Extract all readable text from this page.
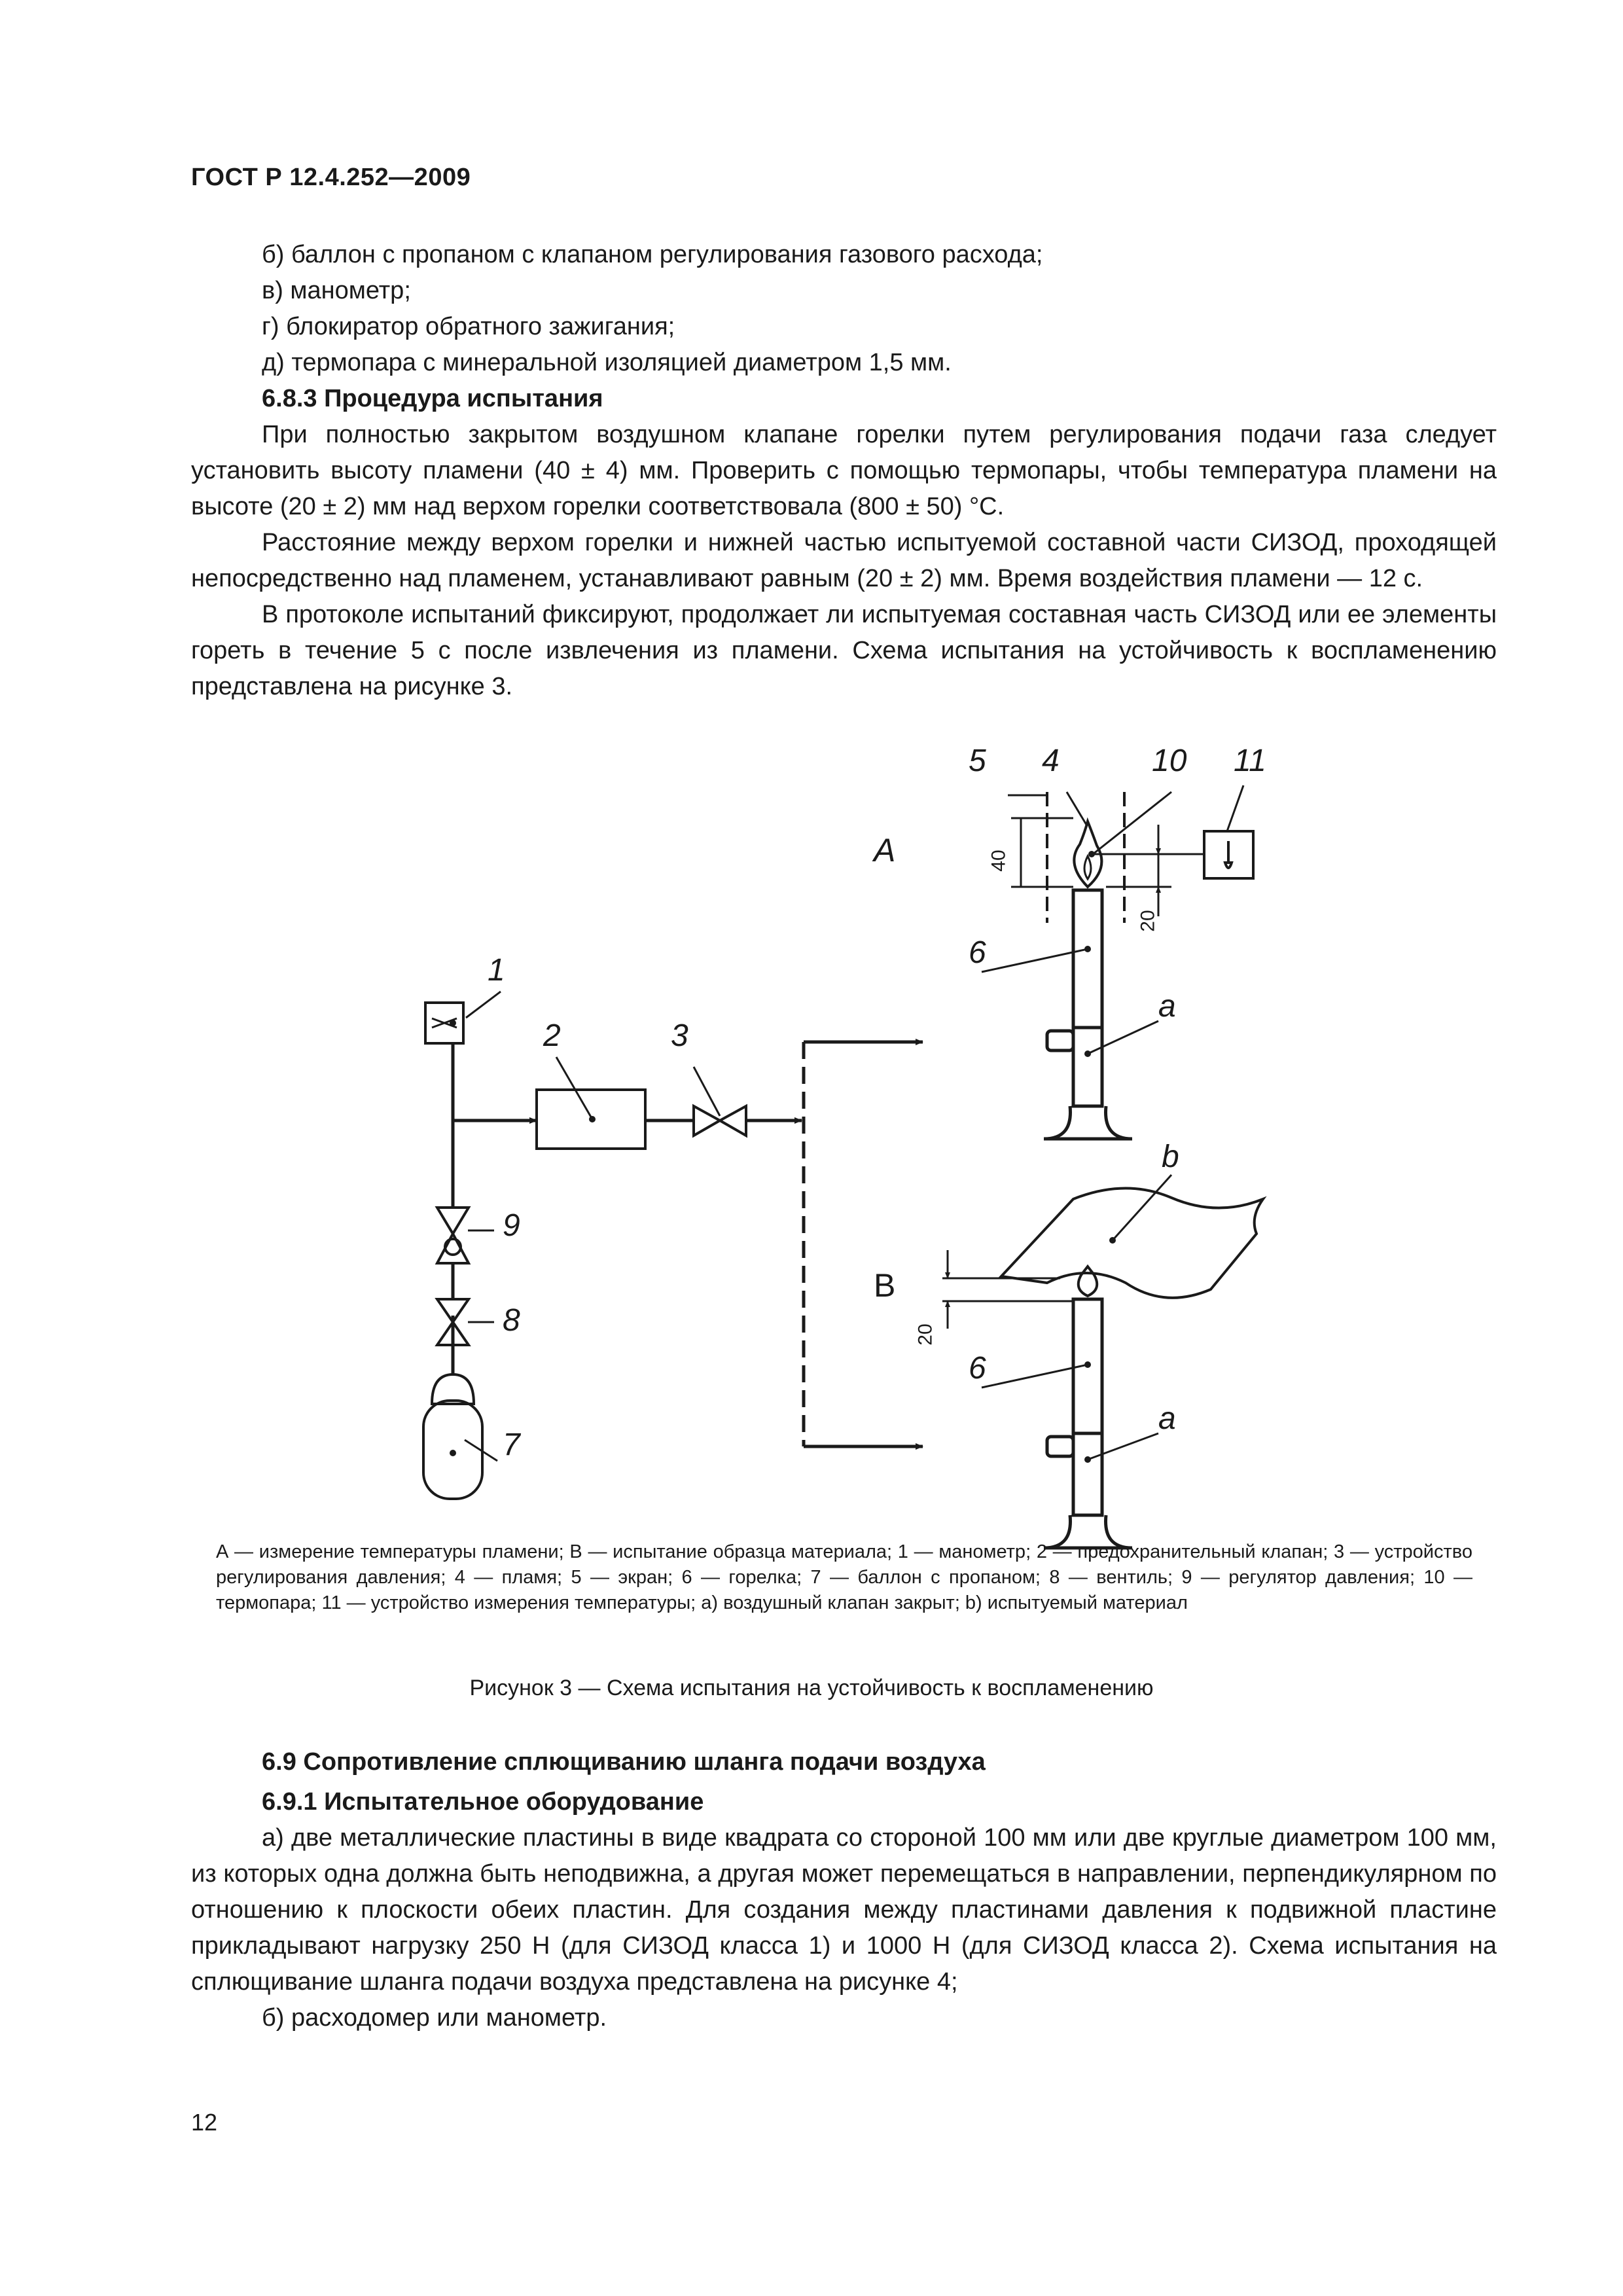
ГОСТ Р 12.4.252—2009

б) баллон с пропаном с клапаном регулирования газового расхода;

в) манометр;

г) блокиратор обратного зажигания;

д) термопара с минеральной изоляцией диаметром 1,5 мм.

6.8.3 Процедура испытания

При полностью закрытом воздушном клапане горелки путем регулирования подачи газа следует установить высоту пламени (40 ± 4) мм. Проверить с помощью термопары, чтобы температура пламени на высоте (20 ± 2) мм над верхом горелки соответствовала (800 ± 50) °С.

Расстояние между верхом горелки и нижней частью испытуемой составной части СИЗОД, проходящей непосредственно над пламенем, устанавливают равным (20 ± 2) мм. Время воздействия пламени — 12 с.

В протоколе испытаний фиксируют, продолжает ли испытуемая составная часть СИЗОД или ее элементы гореть в течение 5 с после извлечения из пламени. Схема испытания на устойчивость к воспламенению представлена на рисунке 3.

1
2	3
9
8
7
5 4	10 11
А
В
6
6
a
a
b
40
20
20

А — измерение температуры пламени; В — испытание образца материала; 1 — манометр; 2 — предохранительный клапан; 3 — устройство регулирования давления; 4 — пламя; 5 — экран; 6 — горелка; 7 — баллон с пропаном; 8 — вентиль; 9 — регулятор давления; 10 — термопара; 11 — устройство измерения температуры; a) воздушный клапан закрыт; b) испытуемый материал

Рисунок 3 — Схема испытания на устойчивость к воспламенению

6.9 Сопротивление сплющиванию шланга подачи воздуха

6.9.1 Испытательное оборудование

а) две металлические пластины в виде квадрата со стороной 100 мм или две круглые диаметром 100 мм, из которых одна должна быть неподвижна, а другая может перемещаться в направлении, перпендикулярном по отношению к плоскости обеих пластин. Для создания между пластинами давления к подвижной пластине прикладывают нагрузку 250 Н (для СИЗОД класса 1) и 1000 Н (для СИЗОД класса 2). Схема испытания на сплющивание шланга подачи воздуха представлена на рисунке 4;

б) расходомер или манометр.

12
